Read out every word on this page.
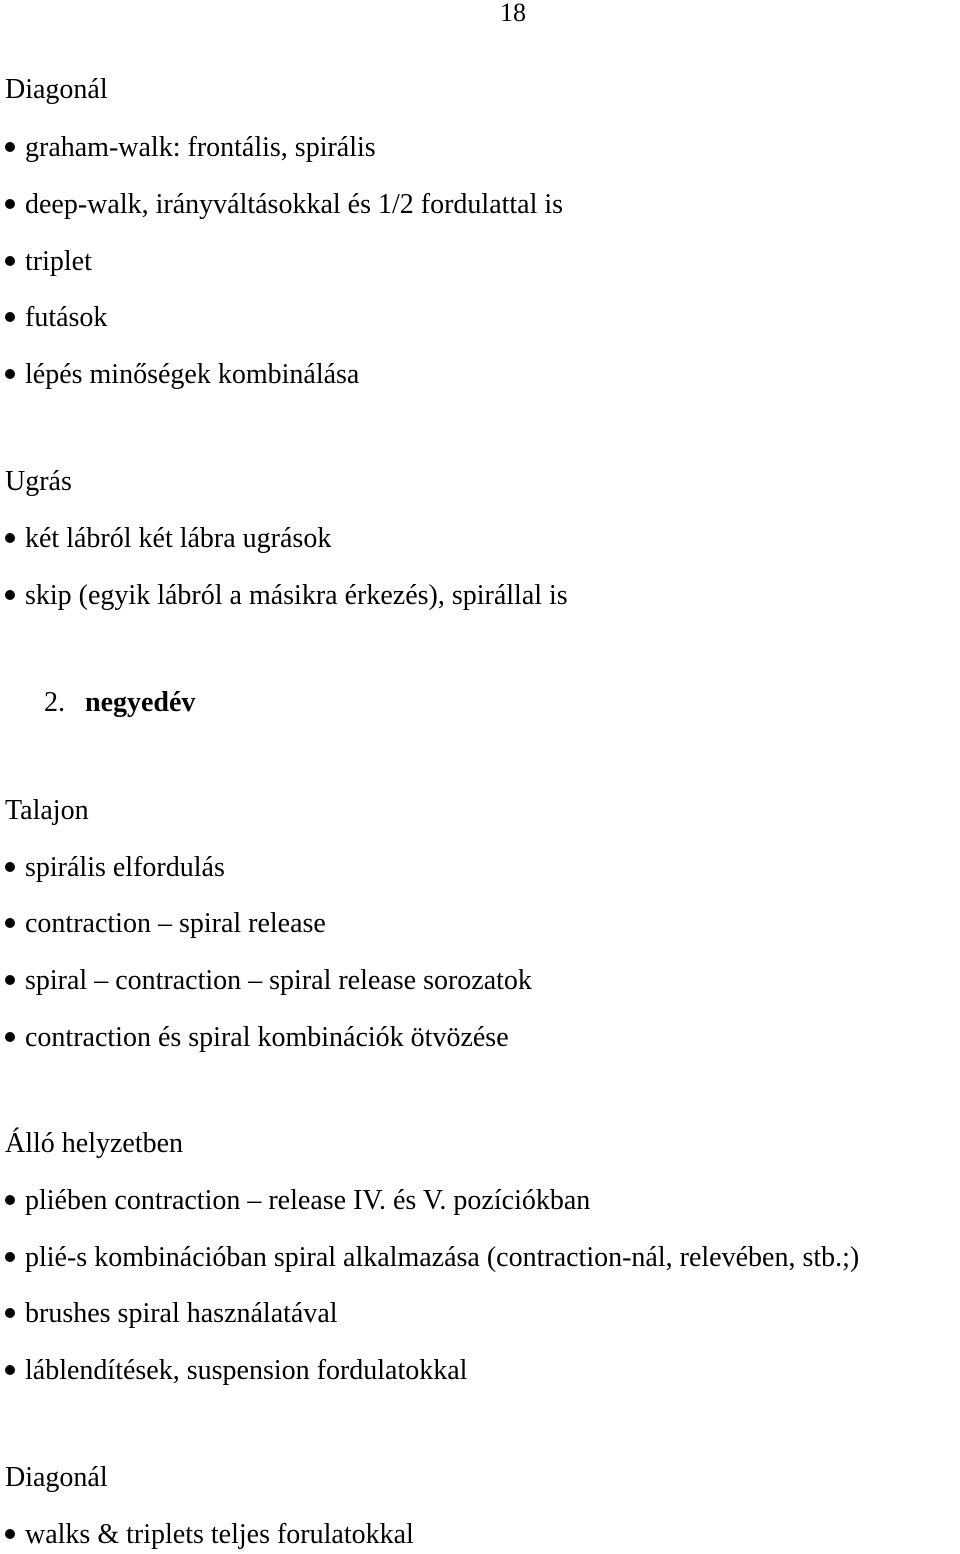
18
Diagonál
graham-walk: frontális, spirális
deep-walk, irányváltásokkal és 1/2 fordulattal is
triplet
futások
lépés minőségek kombinálása
Ugrás
két lábról két lábra ugrások
skip (egyik lábról a másikra érkezés), spirállal is
2. negyedév
Talajon
spirális elfordulás
contraction – spiral release
spiral – contraction – spiral release sorozatok
contraction és spiral kombinációk ötvözése
Álló helyzetben
pliében contraction – release IV. és V. pozíciókban
plié-s kombinációban spiral alkalmazása (contraction-nál, relevében, stb.;)
brushes spiral használatával
láblendítések, suspension fordulatokkal
Diagonál
walks & triplets teljes forulatokkal
